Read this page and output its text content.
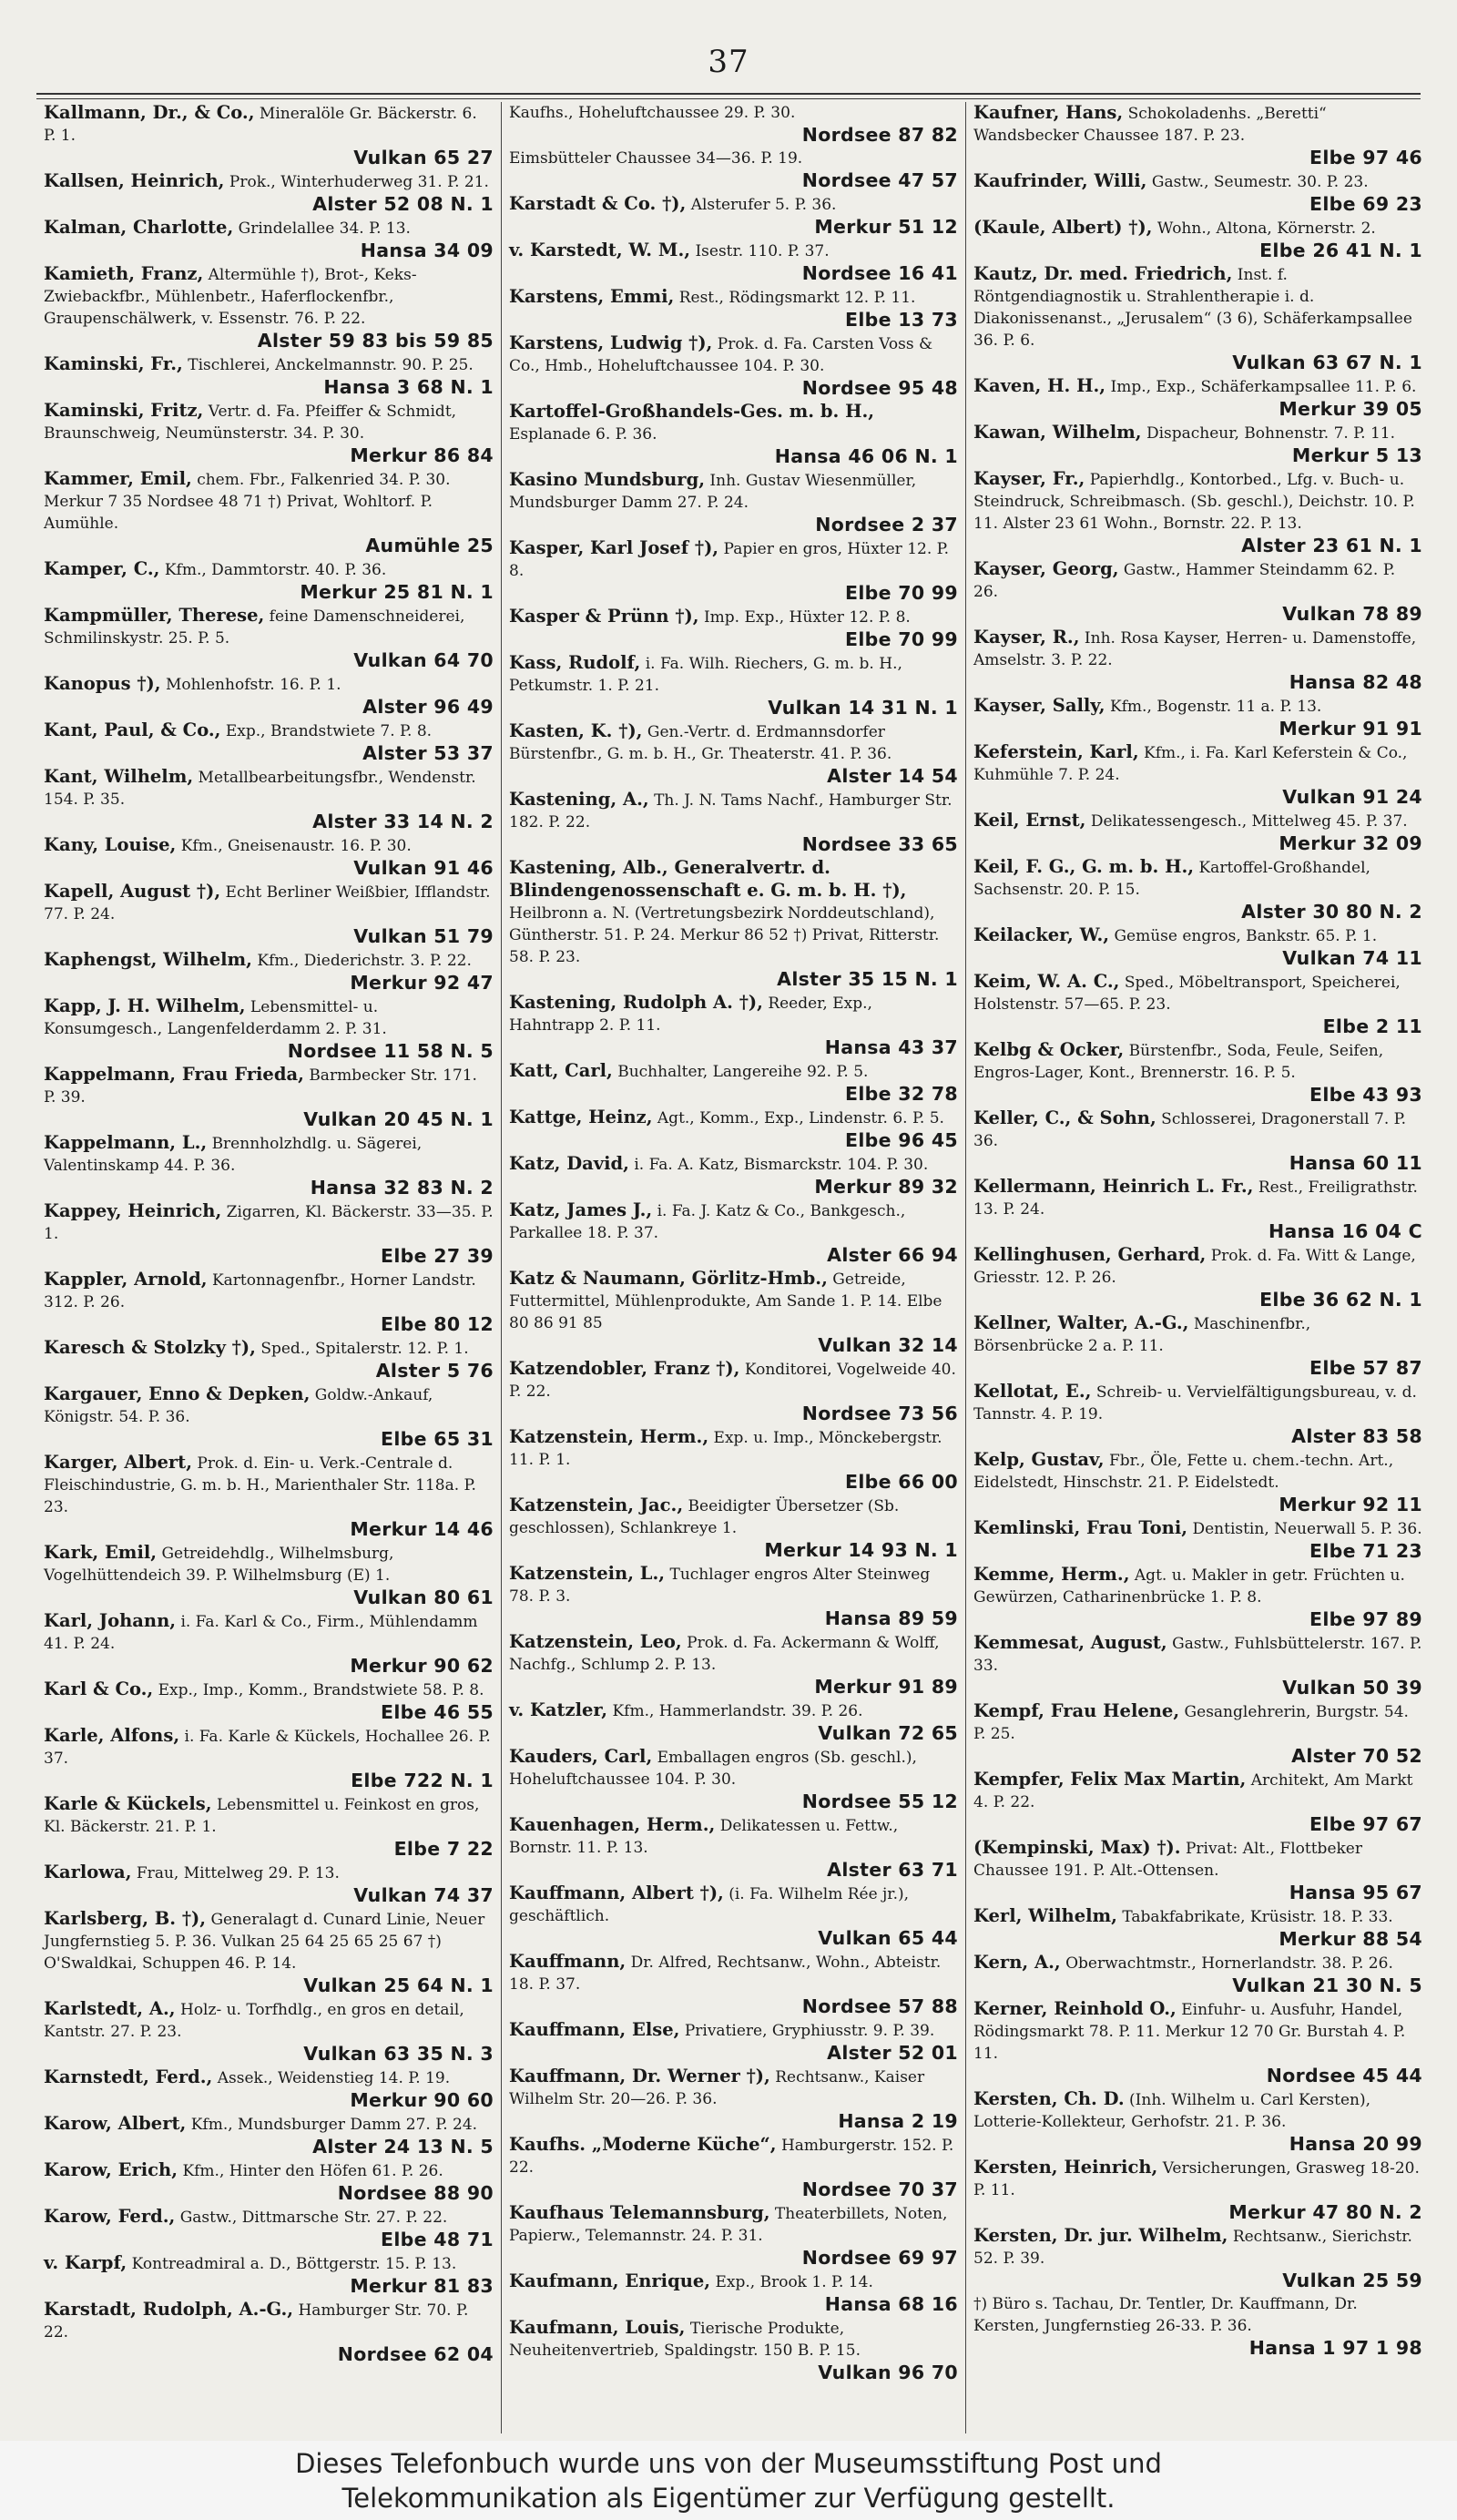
37
Kallmann, Dr., & Co., Mineralöle Gr. Bäckerstr. 6. P. 1.
Vulkan 65 27
Kallsen, Heinrich, Prok., Winterhuderweg 31. P. 21.
Alster 52 08 N. 1
Kalman, Charlotte, Grindelallee 34. P. 13.
Hansa 34 09
Kamieth, Franz, Altermühle †), Brot-, Keks-Zwiebackfbr., Mühlenbetr., Haferflockenfbr., Graupenschälwerk, v. Essenstr. 76. P. 22.
Alster 59 83 bis 59 85
Kaminski, Fr., Tischlerei, Anckelmannstr. 90. P. 25.
Hansa 3 68 N. 1
Kaminski, Fritz, Vertr. d. Fa. Pfeiffer & Schmidt, Braunschweig, Neumünsterstr. 34. P. 30.
Merkur 86 84
Kammer, Emil, chem. Fbr., Falkenried 34. P. 30. Merkur 7 35 Nordsee 48 71 †) Privat, Wohltorf. P. Aumühle.
Aumühle 25
Kamper, C., Kfm., Dammtorstr. 40. P. 36.
Merkur 25 81 N. 1
Kampmüller, Therese, feine Damenschneiderei, Schmilinskystr. 25. P. 5.
Vulkan 64 70
Kanopus †), Mohlenhofstr. 16. P. 1.
Alster 96 49
Kant, Paul, & Co., Exp., Brandstwiete 7. P. 8.
Alster 53 37
Kant, Wilhelm, Metallbearbeitungsfbr., Wendenstr. 154. P. 35.
Alster 33 14 N. 2
Kany, Louise, Kfm., Gneisenaustr. 16. P. 30.
Vulkan 91 46
Kapell, August †), Echt Berliner Weißbier, Ifflandstr. 77. P. 24.
Vulkan 51 79
Kaphengst, Wilhelm, Kfm., Diederichstr. 3. P. 22.
Merkur 92 47
Kapp, J. H. Wilhelm, Lebensmittel- u. Konsumgesch., Langenfelderdamm 2. P. 31.
Nordsee 11 58 N. 5
Kappelmann, Frau Frieda, Barmbecker Str. 171. P. 39.
Vulkan 20 45 N. 1
Kappelmann, L., Brennholzhdlg. u. Sägerei, Valentinskamp 44. P. 36.
Hansa 32 83 N. 2
Kappey, Heinrich, Zigarren, Kl. Bäckerstr. 33—35. P. 1.
Elbe 27 39
Kappler, Arnold, Kartonnagenfbr., Horner Landstr. 312. P. 26.
Elbe 80 12
Karesch & Stolzky †), Sped., Spitalerstr. 12. P. 1.
Alster 5 76
Kargauer, Enno & Depken, Goldw.-Ankauf, Königstr. 54. P. 36.
Elbe 65 31
Karger, Albert, Prok. d. Ein- u. Verk.-Centrale d. Fleischindustrie, G. m. b. H., Marienthaler Str. 118a. P. 23.
Merkur 14 46
Kark, Emil, Getreidehdlg., Wilhelmsburg, Vogelhüttendeich 39. P. Wilhelmsburg (E) 1.
Vulkan 80 61
Karl, Johann, i. Fa. Karl & Co., Firm., Mühlendamm 41. P. 24.
Merkur 90 62
Karl & Co., Exp., Imp., Komm., Brandstwiete 58. P. 8.
Elbe 46 55
Karle, Alfons, i. Fa. Karle & Kückels, Hochallee 26. P. 37.
Elbe 722 N. 1
Karle & Kückels, Lebensmittel u. Feinkost en gros, Kl. Bäckerstr. 21. P. 1.
Elbe 7 22
Karlowa, Frau, Mittelweg 29. P. 13.
Vulkan 74 37
Karlsberg, B. †), Generalagt d. Cunard Linie, Neuer Jungfernstieg 5. P. 36. Vulkan 25 64 25 65 25 67 †) O'Swaldkai, Schuppen 46. P. 14.
Vulkan 25 64 N. 1
Karlstedt, A., Holz- u. Torfhdlg., en gros en detail, Kantstr. 27. P. 23.
Vulkan 63 35 N. 3
Karnstedt, Ferd., Assek., Weidenstieg 14. P. 19.
Merkur 90 60
Karow, Albert, Kfm., Mundsburger Damm 27. P. 24.
Alster 24 13 N. 5
Karow, Erich, Kfm., Hinter den Höfen 61. P. 26.
Nordsee 88 90
Karow, Ferd., Gastw., Dittmarsche Str. 27. P. 22.
Elbe 48 71
v. Karpf, Kontreadmiral a. D., Böttgerstr. 15. P. 13.
Merkur 81 83
Karstadt, Rudolph, A.-G., Hamburger Str. 70. P. 22.
Nordsee 62 04
Kaufhs., Hoheluftchaussee 29. P. 30.
Nordsee 87 82
Eimsbütteler Chaussee 34—36. P. 19.
Nordsee 47 57
Karstadt & Co. †), Alsterufer 5. P. 36.
Merkur 51 12
v. Karstedt, W. M., Isestr. 110. P. 37.
Nordsee 16 41
Karstens, Emmi, Rest., Rödingsmarkt 12. P. 11.
Elbe 13 73
Karstens, Ludwig †), Prok. d. Fa. Carsten Voss & Co., Hmb., Hoheluftchaussee 104. P. 30.
Nordsee 95 48
Kartoffel-Großhandels-Ges. m. b. H., Esplanade 6. P. 36.
Hansa 46 06 N. 1
Kasino Mundsburg, Inh. Gustav Wiesenmüller, Mundsburger Damm 27. P. 24.
Nordsee 2 37
Kasper, Karl Josef †), Papier en gros, Hüxter 12. P. 8.
Elbe 70 99
Kasper & Prünn †), Imp. Exp., Hüxter 12. P. 8.
Elbe 70 99
Kass, Rudolf, i. Fa. Wilh. Riechers, G. m. b. H., Petkumstr. 1. P. 21.
Vulkan 14 31 N. 1
Kasten, K. †), Gen.-Vertr. d. Erdmannsdorfer Bürstenfbr., G. m. b. H., Gr. Theaterstr. 41. P. 36.
Alster 14 54
Kastening, A., Th. J. N. Tams Nachf., Hamburger Str. 182. P. 22.
Nordsee 33 65
Kastening, Alb., Generalvertr. d. Blindengenossenschaft e. G. m. b. H. †), Heilbronn a. N. (Vertretungsbezirk Norddeutschland), Güntherstr. 51. P. 24. Merkur 86 52 †) Privat, Ritterstr. 58. P. 23.
Alster 35 15 N. 1
Kastening, Rudolph A. †), Reeder, Exp., Hahntrapp 2. P. 11.
Hansa 43 37
Katt, Carl, Buchhalter, Langereihe 92. P. 5.
Elbe 32 78
Kattge, Heinz, Agt., Komm., Exp., Lindenstr. 6. P. 5.
Elbe 96 45
Katz, David, i. Fa. A. Katz, Bismarckstr. 104. P. 30.
Merkur 89 32
Katz, James J., i. Fa. J. Katz & Co., Bankgesch., Parkallee 18. P. 37.
Alster 66 94
Katz & Naumann, Görlitz-Hmb., Getreide, Futtermittel, Mühlenprodukte, Am Sande 1. P. 14. Elbe 80 86 91 85
Vulkan 32 14
Katzendobler, Franz †), Konditorei, Vogelweide 40. P. 22.
Nordsee 73 56
Katzenstein, Herm., Exp. u. Imp., Mönckebergstr. 11. P. 1.
Elbe 66 00
Katzenstein, Jac., Beeidigter Übersetzer (Sb. geschlossen), Schlankreye 1.
Merkur 14 93 N. 1
Katzenstein, L., Tuchlager engros Alter Steinweg 78. P. 3.
Hansa 89 59
Katzenstein, Leo, Prok. d. Fa. Ackermann & Wolff, Nachfg., Schlump 2. P. 13.
Merkur 91 89
v. Katzler, Kfm., Hammerlandstr. 39. P. 26.
Vulkan 72 65
Kauders, Carl, Emballagen engros (Sb. geschl.), Hoheluftchaussee 104. P. 30.
Nordsee 55 12
Kauenhagen, Herm., Delikatessen u. Fettw., Bornstr. 11. P. 13.
Alster 63 71
Kauffmann, Albert †), (i. Fa. Wilhelm Rée jr.), geschäftlich.
Vulkan 65 44
Kauffmann, Dr. Alfred, Rechtsanw., Wohn., Abteistr. 18. P. 37.
Nordsee 57 88
Kauffmann, Else, Privatiere, Gryphiusstr. 9. P. 39.
Alster 52 01
Kauffmann, Dr. Werner †), Rechtsanw., Kaiser Wilhelm Str. 20—26. P. 36.
Hansa 2 19
Kaufhs. „Moderne Küche“, Hamburgerstr. 152. P. 22.
Nordsee 70 37
Kaufhaus Telemannsburg, Theaterbillets, Noten, Papierw., Telemannstr. 24. P. 31.
Nordsee 69 97
Kaufmann, Enrique, Exp., Brook 1. P. 14.
Hansa 68 16
Kaufmann, Louis, Tierische Produkte, Neuheitenvertrieb, Spaldingstr. 150 B. P. 15.
Vulkan 96 70
Kaufner, Hans, Schokoladenhs. „Beretti“ Wandsbecker Chaussee 187. P. 23.
Elbe 97 46
Kaufrinder, Willi, Gastw., Seumestr. 30. P. 23.
Elbe 69 23
(Kaule, Albert) †), Wohn., Altona, Körnerstr. 2.
Elbe 26 41 N. 1
Kautz, Dr. med. Friedrich, Inst. f. Röntgendiagnostik u. Strahlentherapie i. d. Diakonissenanst., „Jerusalem“ (3 6), Schäferkampsallee 36. P. 6.
Vulkan 63 67 N. 1
Kaven, H. H., Imp., Exp., Schäferkampsallee 11. P. 6.
Merkur 39 05
Kawan, Wilhelm, Dispacheur, Bohnenstr. 7. P. 11.
Merkur 5 13
Kayser, Fr., Papierhdlg., Kontorbed., Lfg. v. Buch- u. Steindruck, Schreibmasch. (Sb. geschl.), Deichstr. 10. P. 11. Alster 23 61 Wohn., Bornstr. 22. P. 13.
Alster 23 61 N. 1
Kayser, Georg, Gastw., Hammer Steindamm 62. P. 26.
Vulkan 78 89
Kayser, R., Inh. Rosa Kayser, Herren- u. Damenstoffe, Amselstr. 3. P. 22.
Hansa 82 48
Kayser, Sally, Kfm., Bogenstr. 11 a. P. 13.
Merkur 91 91
Keferstein, Karl, Kfm., i. Fa. Karl Keferstein & Co., Kuhmühle 7. P. 24.
Vulkan 91 24
Keil, Ernst, Delikatessengesch., Mittelweg 45. P. 37.
Merkur 32 09
Keil, F. G., G. m. b. H., Kartoffel-Großhandel, Sachsenstr. 20. P. 15.
Alster 30 80 N. 2
Keilacker, W., Gemüse engros, Bankstr. 65. P. 1.
Vulkan 74 11
Keim, W. A. C., Sped., Möbeltransport, Speicherei, Holstenstr. 57—65. P. 23.
Elbe 2 11
Kelbg & Ocker, Bürstenfbr., Soda, Feule, Seifen, Engros-Lager, Kont., Brennerstr. 16. P. 5.
Elbe 43 93
Keller, C., & Sohn, Schlosserei, Dragonerstall 7. P. 36.
Hansa 60 11
Kellermann, Heinrich L. Fr., Rest., Freiligrathstr. 13. P. 24.
Hansa 16 04 C
Kellinghusen, Gerhard, Prok. d. Fa. Witt & Lange, Griesstr. 12. P. 26.
Elbe 36 62 N. 1
Kellner, Walter, A.-G., Maschinenfbr., Börsenbrücke 2 a. P. 11.
Elbe 57 87
Kellotat, E., Schreib- u. Vervielfältigungsbureau, v. d. Tannstr. 4. P. 19.
Alster 83 58
Kelp, Gustav, Fbr., Öle, Fette u. chem.-techn. Art., Eidelstedt, Hinschstr. 21. P. Eidelstedt.
Merkur 92 11
Kemlinski, Frau Toni, Dentistin, Neuerwall 5. P. 36.
Elbe 71 23
Kemme, Herm., Agt. u. Makler in getr. Früchten u. Gewürzen, Catharinenbrücke 1. P. 8.
Elbe 97 89
Kemmesat, August, Gastw., Fuhlsbüttelerstr. 167. P. 33.
Vulkan 50 39
Kempf, Frau Helene, Gesanglehrerin, Burgstr. 54. P. 25.
Alster 70 52
Kempfer, Felix Max Martin, Architekt, Am Markt 4. P. 22.
Elbe 97 67
(Kempinski, Max) †). Privat: Alt., Flottbeker Chaussee 191. P. Alt.-Ottensen.
Hansa 95 67
Kerl, Wilhelm, Tabakfabrikate, Krüsistr. 18. P. 33.
Merkur 88 54
Kern, A., Oberwachtmstr., Hornerlandstr. 38. P. 26.
Vulkan 21 30 N. 5
Kerner, Reinhold O., Einfuhr- u. Ausfuhr, Handel, Rödingsmarkt 78. P. 11. Merkur 12 70 Gr. Burstah 4. P. 11.
Nordsee 45 44
Kersten, Ch. D. (Inh. Wilhelm u. Carl Kersten), Lotterie-Kollekteur, Gerhofstr. 21. P. 36.
Hansa 20 99
Kersten, Heinrich, Versicherungen, Grasweg 18-20. P. 11.
Merkur 47 80 N. 2
Kersten, Dr. jur. Wilhelm, Rechtsanw., Sierichstr. 52. P. 39.
Vulkan 25 59
†) Büro s. Tachau, Dr. Tentler, Dr. Kauffmann, Dr. Kersten, Jungfernstieg 26-33. P. 36.
Hansa 1 97 1 98
Dieses Telefonbuch wurde uns von der Museumsstiftung Post und
Telekommunikation als Eigentümer zur Verfügung gestellt.
